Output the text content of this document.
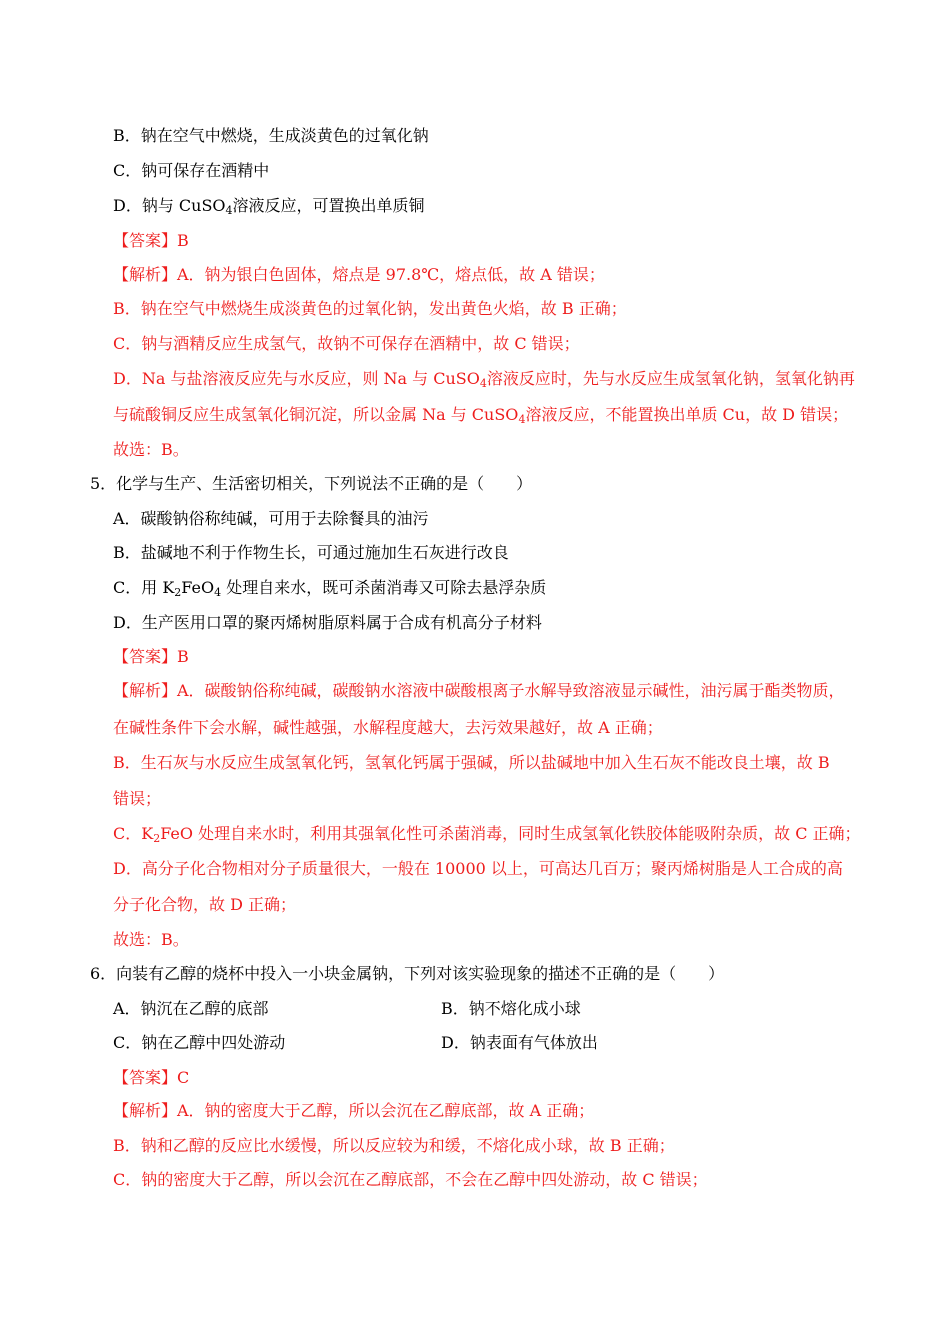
B．钠在空气中燃烧，生成淡黄色的过氧化钠
C．钠可保存在酒精中
D．钠与 CuSO$_4$溶液反应，可置换出单质铜
【答案】B
【解析】A．钠为银白色固体，熔点是 97.8℃，熔点低，故 A 错误；
B．钠在空气中燃烧生成淡黄色的过氧化钠，发出黄色火焰，故 B 正确；
C．钠与酒精反应生成氢气，故钠不可保存在酒精中，故 C 错误；
D．Na 与盐溶液反应先与水反应，则 Na 与 CuSO$_4$溶液反应时，先与水反应生成氢氧化钠，氢氧化钠再
与硫酸铜反应生成氢氧化铜沉淀，所以金属 Na 与 CuSO$_4$溶液反应，不能置换出单质 Cu，故 D 错误；
故选：B。
5．化学与生产、生活密切相关，下列说法不正确的是（　　）
A．碳酸钠俗称纯碱，可用于去除餐具的油污
B．盐碱地不利于作物生长，可通过施加生石灰进行改良
C．用 $K_2FeO_4$ 处理自来水，既可杀菌消毒又可除去悬浮杂质
D．生产医用口罩的聚丙烯树脂原料属于合成有机高分子材料
【答案】B
【解析】A．碳酸钠俗称纯碱，碳酸钠水溶液中碳酸根离子水解导致溶液显示碱性，油污属于酯类物质，
在碱性条件下会水解，碱性越强，水解程度越大，去污效果越好，故 A 正确；
B．生石灰与水反应生成氢氧化钙，氢氧化钙属于强碱，所以盐碱地中加入生石灰不能改良土壤，故 B
错误；
C．$K_2FeO$ 处理自来水时，利用其强氧化性可杀菌消毒，同时生成氢氧化铁胶体能吸附杂质，故 C 正确；
D．高分子化合物相对分子质量很大，一般在 10000 以上，可高达几百万；聚丙烯树脂是人工合成的高
分子化合物，故 D 正确；
故选：B。
6．向装有乙醇的烧杯中投入一小块金属钠，下列对该实验现象的描述不正确的是（　　）
A．钠沉在乙醇的底部	B．钠不熔化成小球
C．钠在乙醇中四处游动	D．钠表面有气体放出
【答案】C
【解析】A．钠的密度大于乙醇，所以会沉在乙醇底部，故 A 正确；
B．钠和乙醇的反应比水缓慢，所以反应较为和缓，不熔化成小球，故 B 正确；
C．钠的密度大于乙醇，所以会沉在乙醇底部，不会在乙醇中四处游动，故 C 错误；
